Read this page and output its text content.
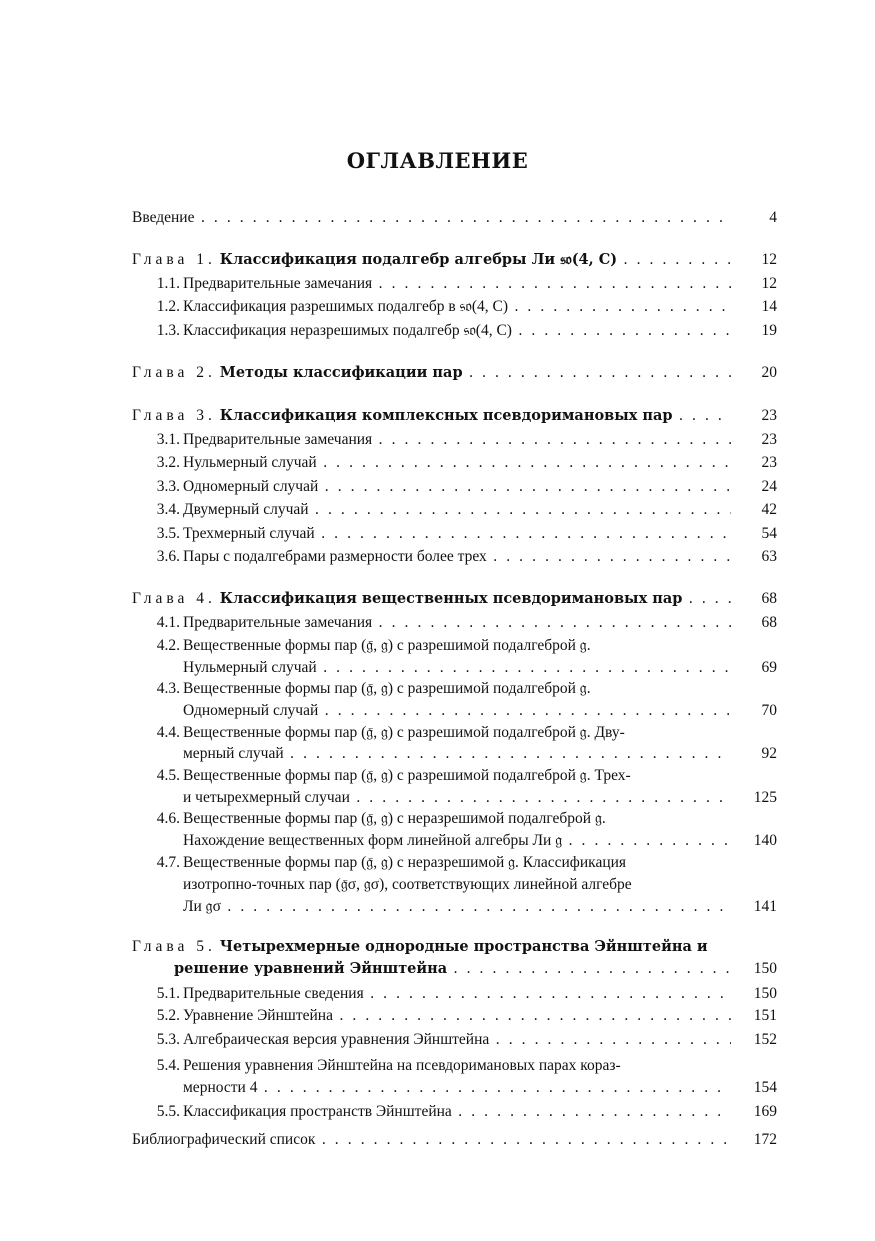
ОГЛАВЛЕНИЕ
Введение . . .	4
Глава 1. Классификация подалгебр алгебры Ли 𝔰𝔬(4, C) . . .	12
1.1. Предварительные замечания . . .	12
1.2. Классификация разрешимых подалгебр в 𝔰𝔬(4, C) . . .	14
1.3. Классификация неразрешимых подалгебр 𝔰𝔬(4, C) . . .	19
Глава 2. Методы классификации пар . . .	20
Глава 3. Классификация комплексных псевдоримановых пар . . .	23
3.1. Предварительные замечания . . .	23
3.2. Нульмерный случай . . .	23
3.3. Одномерный случай . . .	24
3.4. Двумерный случай . . .	42
3.5. Трехмерный случай . . .	54
3.6. Пары с подалгебрами размерности более трех . . .	63
Глава 4. Классификация вещественных псевдоримановых пар . . .	68
4.1. Предварительные замечания . . .	68
4.2. Вещественные формы пар (𝔤̄, 𝔤) с разрешимой подалгеброй 𝔤.
Нульмерный случай . . .	69
4.3. Вещественные формы пар (𝔤̄, 𝔤) с разрешимой подалгеброй 𝔤.
Одномерный случай . . .	70
4.4. Вещественные формы пар (𝔤̄, 𝔤) с разрешимой подалгеброй 𝔤. Дву-
мерный случай . . .	92
4.5. Вещественные формы пар (𝔤̄, 𝔤) с разрешимой подалгеброй 𝔤. Трех-
и четырехмерный случаи . . .	125
4.6. Вещественные формы пар (𝔤̄, 𝔤) с неразрешимой подалгеброй 𝔤.
Нахождение вещественных форм линейной алгебры Ли 𝔤 . . .	140
4.7. Вещественные формы пар (𝔤̄, 𝔤) с неразрешимой 𝔤. Классификация
изотропно-точных пар (𝔤̄σ, 𝔤σ), соответствующих линейной алгебре
Ли 𝔤σ . . .	141
Глава 5. Четырехмерные однородные пространства Эйнштейна и
решение уравнений Эйнштейна . . .	150
5.1. Предварительные сведения . . .	150
5.2. Уравнение Эйнштейна . . .	151
5.3. Алгебраическая версия уравнения Эйнштейна . . .	152
5.4. Решения уравнения Эйнштейна на псевдоримановых парах кораз-
мерности 4 . . .	154
5.5. Классификация пространств Эйнштейна . . .	169
Библиографический список . . .	172
